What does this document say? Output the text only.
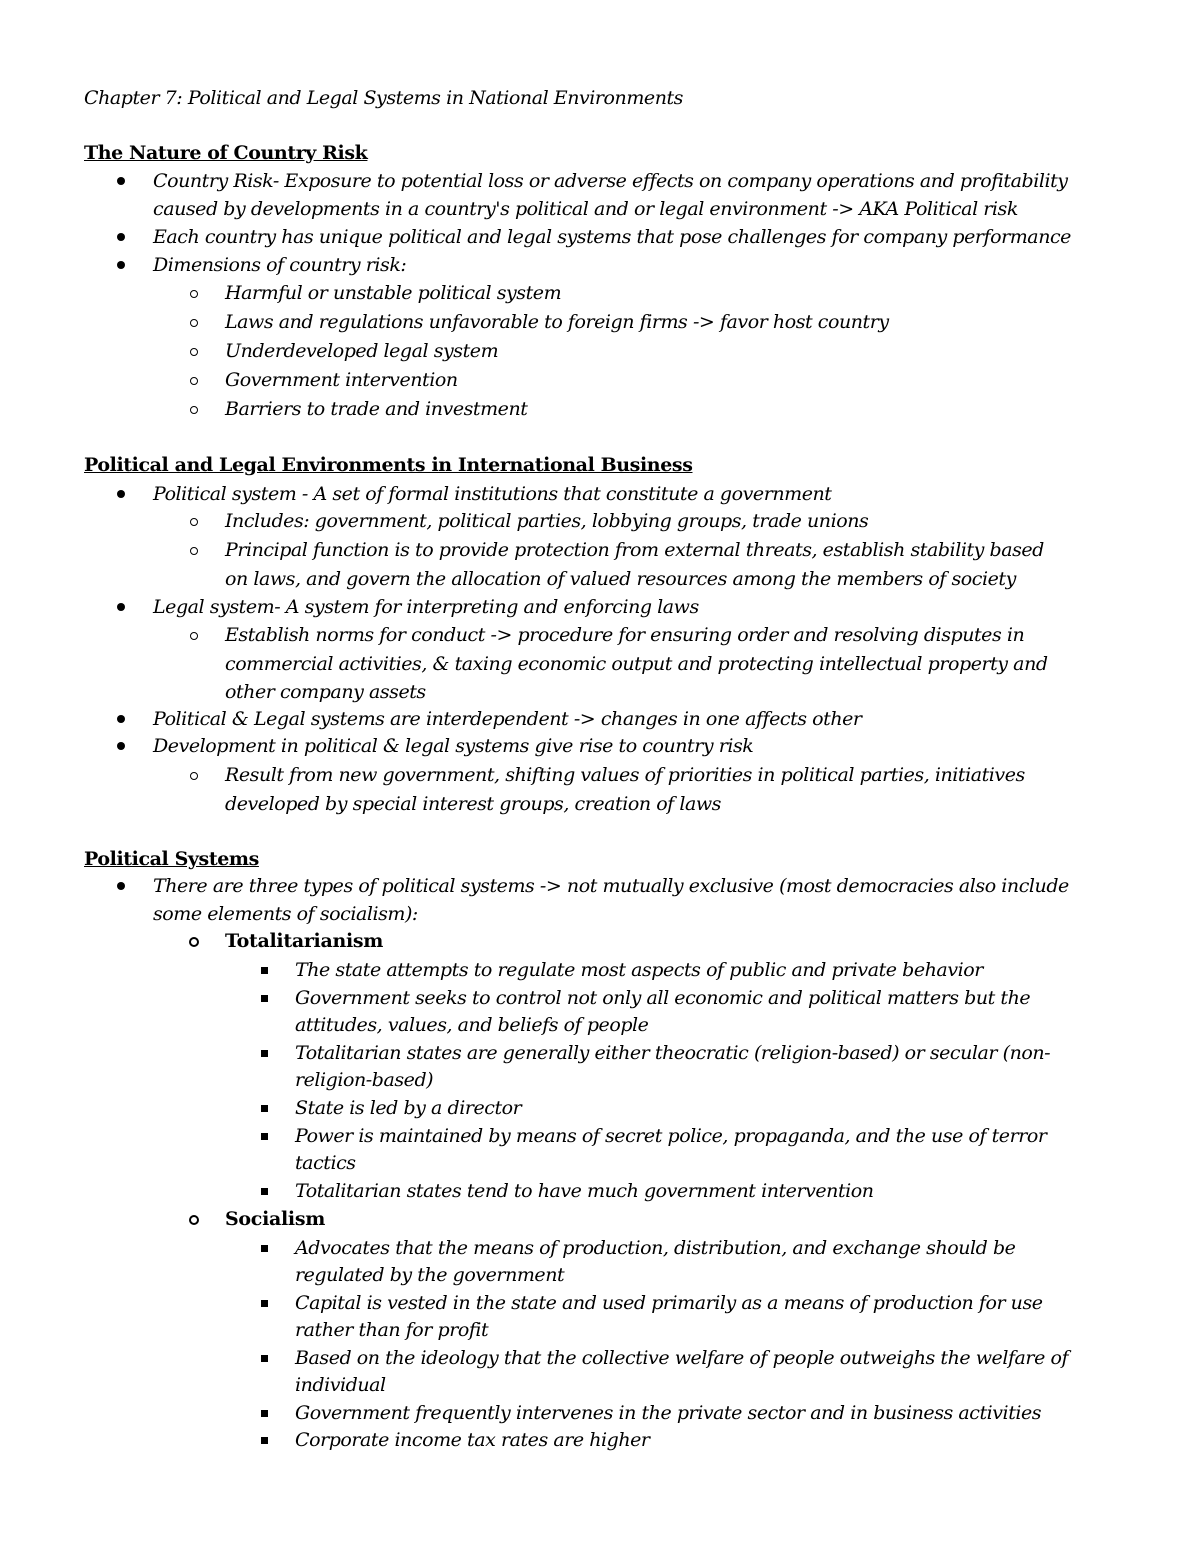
Chapter 7: Political and Legal Systems in National Environments
The Nature of Country Risk
Country Risk- Exposure to potential loss or adverse effects on company operations and profitability
caused by developments in a country's political and or legal environment -> AKA Political risk
Each country has unique political and legal systems that pose challenges for company performance
Dimensions of country risk:
Harmful or unstable political system
Laws and regulations unfavorable to foreign firms -> favor host country
Underdeveloped legal system
Government intervention
Barriers to trade and investment
Political and Legal Environments in International Business
Political system - A set of formal institutions that constitute a government
Includes: government, political parties, lobbying groups, trade unions
Principal function is to provide protection from external threats, establish stability based
on laws, and govern the allocation of valued resources among the members of society
Legal system- A system for interpreting and enforcing laws
Establish norms for conduct -> procedure for ensuring order and resolving disputes in
commercial activities, & taxing economic output and protecting intellectual property and
other company assets
Political & Legal systems are interdependent -> changes in one affects other
Development in political & legal systems give rise to country risk
Result from new government, shifting values of priorities in political parties, initiatives
developed by special interest groups, creation of laws
Political Systems
There are three types of political systems -> not mutually exclusive (most democracies also include
some elements of socialism):
Totalitarianism
The state attempts to regulate most aspects of public and private behavior
Government seeks to control not only all economic and political matters but the
attitudes, values, and beliefs of people
Totalitarian states are generally either theocratic (religion-based) or secular (non-
religion-based)
State is led by a director
Power is maintained by means of secret police, propaganda, and the use of terror
tactics
Totalitarian states tend to have much government intervention
Socialism
Advocates that the means of production, distribution, and exchange should be
regulated by the government
Capital is vested in the state and used primarily as a means of production for use
rather than for profit
Based on the ideology that the collective welfare of people outweighs the welfare of
individual
Government frequently intervenes in the private sector and in business activities
Corporate income tax rates are higher
